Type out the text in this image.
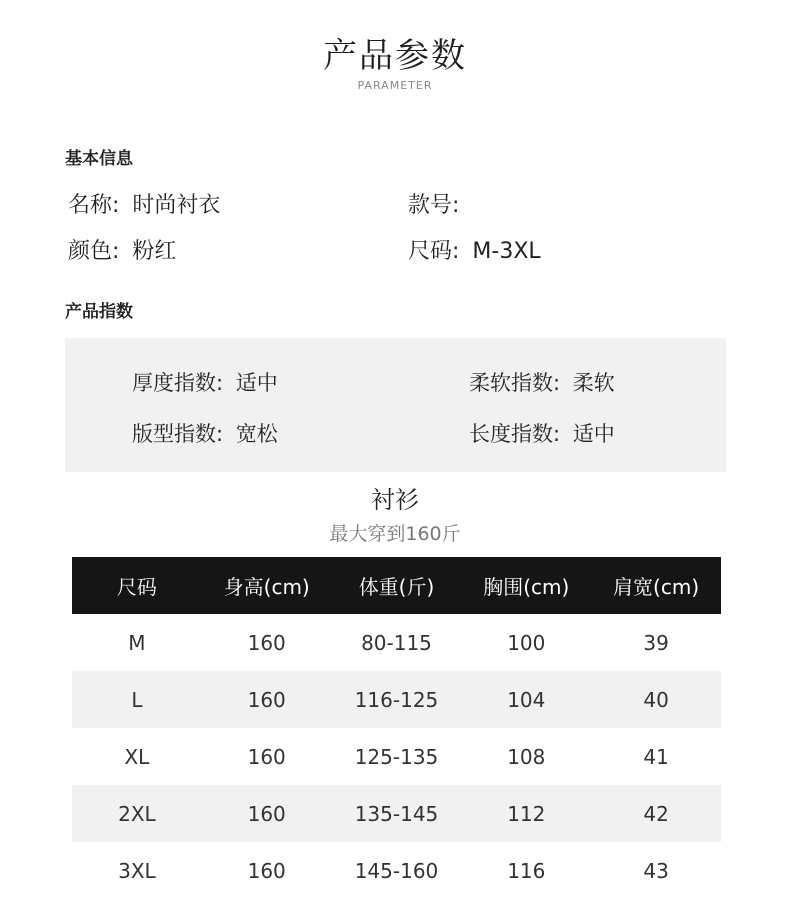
产品参数
PARAMETER
基本信息
名称: 时尚衬衣	款号:
颜色: 粉红	尺码: M-3XL
产品指数
厚度指数: 适中	柔软指数: 柔软
版型指数: 宽松	长度指数: 适中
衬衫
最大穿到160斤
尺码	身高(cm)	体重(斤)	胸围(cm)	肩宽(cm)
M	160	80-115	100	39
L	160	116-125	104	40
XL	160	125-135	108	41
2XL	160	135-145	112	42
3XL	160	145-160	116	43
